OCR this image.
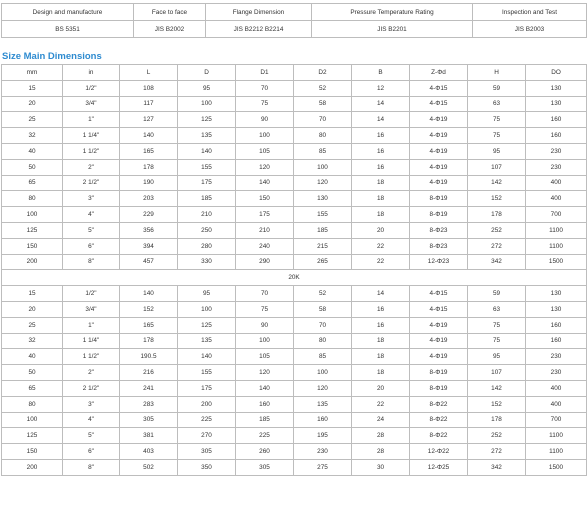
Design and manufacture	Face to face	Flange Dimension	Pressure Temperature Rating	Inspection and Test
BS 5351	JIS B2002	JIS B2212 B2214	JIS B2201	JIS B2003
Size Main Dimensions
mm	in	L	D	D1	D2	B	Z-Φd	H	DO
15	1/2"	108	95	70	52	12	4-Φ15	59	130
20	3/4"	117	100	75	58	14	4-Φ15	63	130
25	1"	127	125	90	70	14	4-Φ19	75	160
32	1 1/4"	140	135	100	80	16	4-Φ19	75	160
40	1 1/2"	165	140	105	85	16	4-Φ19	95	230
50	2"	178	155	120	100	16	4-Φ19	107	230
65	2 1/2"	190	175	140	120	18	4-Φ19	142	400
80	3"	203	185	150	130	18	8-Φ19	152	400
100	4"	229	210	175	155	18	8-Φ19	178	700
125	5"	356	250	210	185	20	8-Φ23	252	1100
150	6"	394	280	240	215	22	8-Φ23	272	1100
200	8"	457	330	290	265	22	12-Φ23	342	1500
20K									
15	1/2"	140	95	70	52	14	4-Φ15	59	130
20	3/4"	152	100	75	58	16	4-Φ15	63	130
25	1"	165	125	90	70	16	4-Φ19	75	160
32	1 1/4"	178	135	100	80	18	4-Φ19	75	160
40	1 1/2"	190.5	140	105	85	18	4-Φ19	95	230
50	2"	216	155	120	100	18	8-Φ19	107	230
65	2 1/2"	241	175	140	120	20	8-Φ19	142	400
80	3"	283	200	160	135	22	8-Φ22	152	400
100	4"	305	225	185	160	24	8-Φ22	178	700
125	5"	381	270	225	195	28	8-Φ22	252	1100
150	6"	403	305	260	230	28	12-Φ22	272	1100
200	8"	502	350	305	275	30	12-Φ25	342	1500
